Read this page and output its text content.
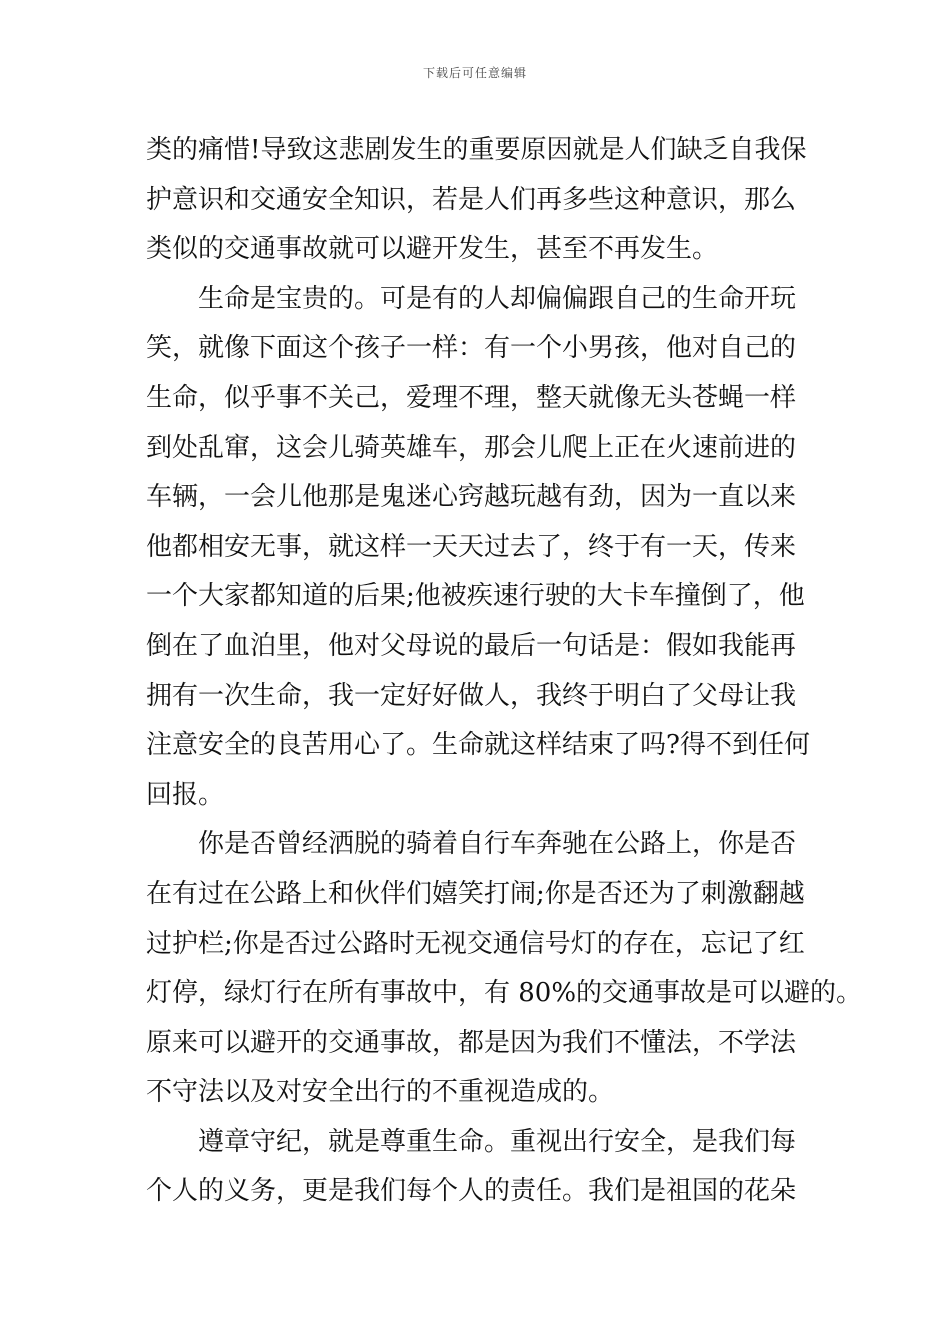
下载后可任意编辑
类的痛惜!导致这悲剧发生的重要原因就是人们缺乏自我保
护意识和交通安全知识，若是人们再多些这种意识，那么
类似的交通事故就可以避开发生，甚至不再发生。
生命是宝贵的。可是有的人却偏偏跟自己的生命开玩
笑，就像下面这个孩子一样：有一个小男孩，他对自己的
生命，似乎事不关己，爱理不理，整天就像无头苍蝇一样
到处乱窜，这会儿骑英雄车，那会儿爬上正在火速前进的
车辆，一会儿他那是鬼迷心窍越玩越有劲，因为一直以来
他都相安无事，就这样一天天过去了，终于有一天，传来
一个大家都知道的后果;他被疾速行驶的大卡车撞倒了，他
倒在了血泊里，他对父母说的最后一句话是：假如我能再
拥有一次生命，我一定好好做人，我终于明白了父母让我
注意安全的良苦用心了。生命就这样结束了吗?得不到任何
回报。
你是否曾经洒脱的骑着自行车奔驰在公路上，你是否
在有过在公路上和伙伴们嬉笑打闹;你是否还为了刺激翻越
过护栏;你是否过公路时无视交通信号灯的存在，忘记了红
灯停，绿灯行在所有事故中，有 80%的交通事故是可以避的。
原来可以避开的交通事故，都是因为我们不懂法，不学法
不守法以及对安全出行的不重视造成的。
遵章守纪，就是尊重生命。重视出行安全，是我们每
个人的义务，更是我们每个人的责任。我们是祖国的花朵
